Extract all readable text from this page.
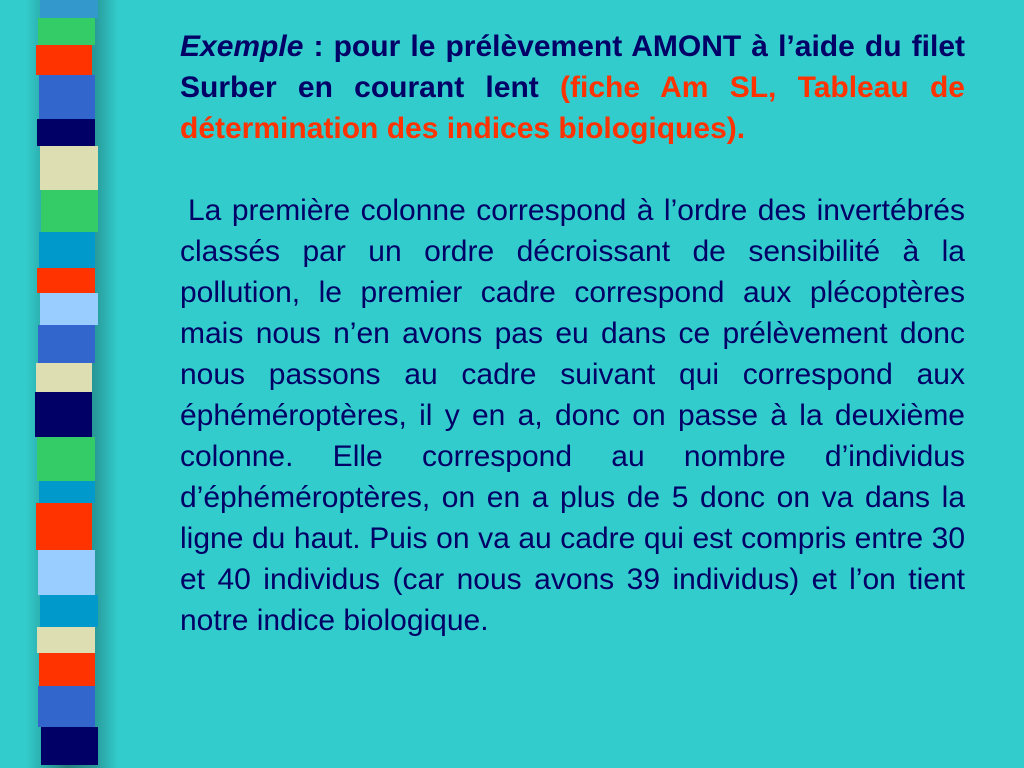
Exemple : pour le prélèvement AMONT à l’aide du filet Surber en courant lent (fiche Am SL, Tableau de détermination des indices biologiques).

La première colonne correspond à l’ordre des invertébrés classés par un ordre décroissant de sensibilité à la pollution, le premier cadre correspond aux plécoptères mais nous n’en avons pas eu dans ce prélèvement donc nous passons au cadre suivant qui correspond aux éphéméroptères, il y en a, donc on passe à la deuxième colonne. Elle correspond au nombre d’individus d’éphéméroptères, on en a plus de 5 donc on va dans la ligne du haut. Puis on va au cadre qui est compris entre 30 et 40 individus (car nous avons 39 individus) et l’on tient notre indice biologique.
